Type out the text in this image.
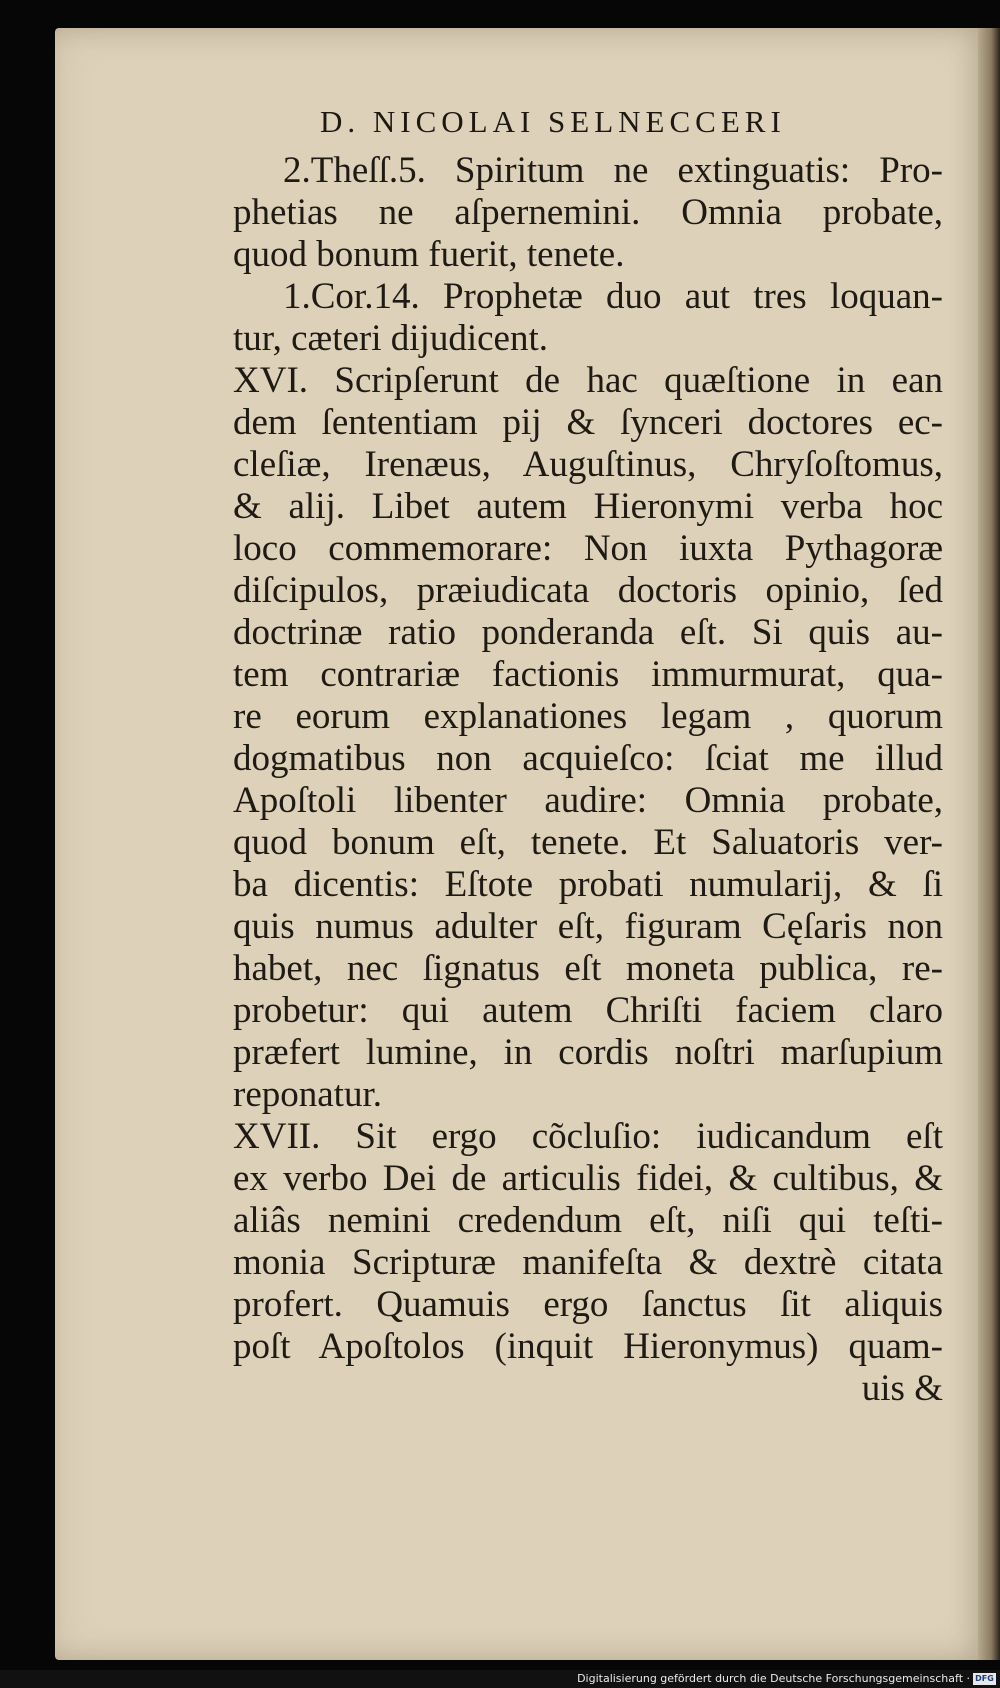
D. NICOLAI SELNECCERI
2.Theſſ.5. Spiritum ne extinguatis: Pro-
phetias ne aſpernemini. Omnia probate,
quod bonum fuerit, tenete.
1.Cor.14. Prophetæ duo aut tres loquan-
tur, cæteri dijudicent.
XVI. Scripſerunt de hac quæſtione in ean
dem ſententiam pij & ſynceri doctores ec-
cleſiæ, Irenæus, Auguſtinus, Chryſoſtomus,
& alij. Libet autem Hieronymi verba hoc
loco commemorare: Non iuxta Pythagoræ
diſcipulos, præiudicata doctoris opinio, ſed
doctrinæ ratio ponderanda eſt. Si quis au-
tem contrariæ factionis immurmurat, qua-
re eorum explanationes legam , quorum
dogmatibus non acquieſco: ſciat me illud
Apoſtoli libenter audire: Omnia probate,
quod bonum eſt, tenete. Et Saluatoris ver-
ba dicentis: Eſtote probati numularij, & ſi
quis numus adulter eſt, figuram Cęſaris non
habet, nec ſignatus eſt moneta publica, re-
probetur: qui autem Chriſti faciem claro
præfert lumine, in cordis noſtri marſupium
reponatur.
XVII. Sit ergo cõcluſio: iudicandum eſt
ex verbo Dei de articulis fidei, & cultibus, &
aliâs nemini credendum eſt, niſi qui teſti-
monia Scripturæ manifeſta & dextrè citata
profert. Quamuis ergo ſanctus ſit aliquis
poſt Apoſtolos (inquit Hieronymus) quam-
uis &
Digitalisierung gefördert durch die Deutsche Forschungsgemeinschaft · DFG
